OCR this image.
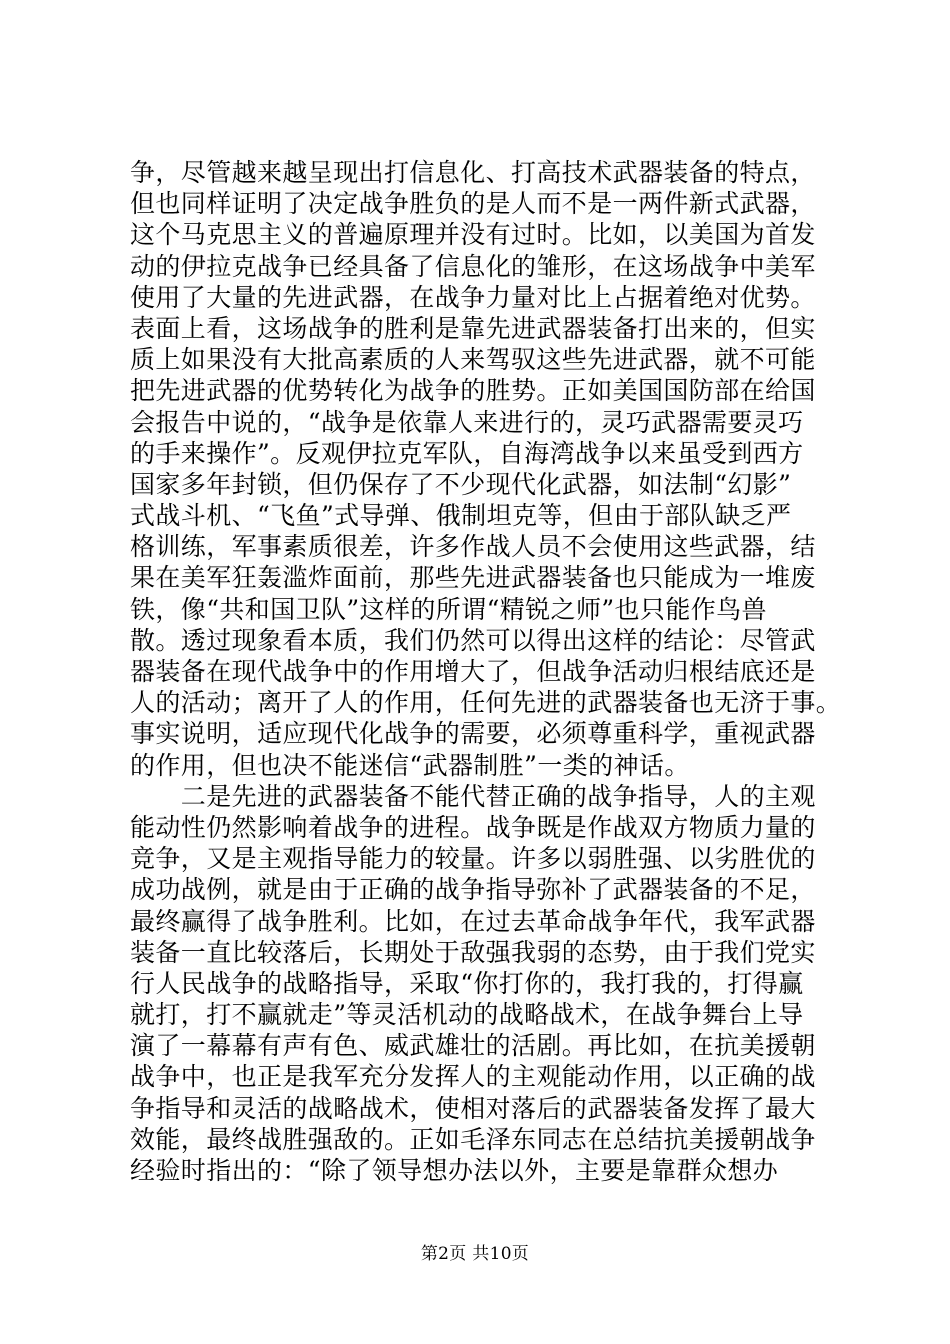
争，尽管越来越呈现出打信息化、打高技术武器装备的特点，
但也同样证明了决定战争胜负的是人而不是一两件新式武器，
这个马克思主义的普遍原理并没有过时。比如，以美国为首发
动的伊拉克战争已经具备了信息化的雏形，在这场战争中美军
使用了大量的先进武器，在战争力量对比上占据着绝对优势。
表面上看，这场战争的胜利是靠先进武器装备打出来的，但实
质上如果没有大批高素质的人来驾驭这些先进武器，就不可能
把先进武器的优势转化为战争的胜势。正如美国国防部在给国
会报告中说的，“战争是依靠人来进行的，灵巧武器需要灵巧
的手来操作”。反观伊拉克军队，自海湾战争以来虽受到西方
国家多年封锁，但仍保存了不少现代化武器，如法制“幻影”
式战斗机、“飞鱼”式导弹、俄制坦克等，但由于部队缺乏严
格训练，军事素质很差，许多作战人员不会使用这些武器，结
果在美军狂轰滥炸面前，那些先进武器装备也只能成为一堆废
铁，像“共和国卫队”这样的所谓“精锐之师”也只能作鸟兽
散。透过现象看本质，我们仍然可以得出这样的结论：尽管武
器装备在现代战争中的作用增大了，但战争活动归根结底还是
人的活动；离开了人的作用，任何先进的武器装备也无济于事。
事实说明，适应现代化战争的需要，必须尊重科学，重视武器
的作用，但也决不能迷信“武器制胜”一类的神话。
　　二是先进的武器装备不能代替正确的战争指导，人的主观
能动性仍然影响着战争的进程。战争既是作战双方物质力量的
竞争，又是主观指导能力的较量。许多以弱胜强、以劣胜优的
成功战例，就是由于正确的战争指导弥补了武器装备的不足，
最终赢得了战争胜利。比如，在过去革命战争年代，我军武器
装备一直比较落后，长期处于敌强我弱的态势，由于我们党实
行人民战争的战略指导，采取“你打你的，我打我的，打得赢
就打，打不赢就走”等灵活机动的战略战术，在战争舞台上导
演了一幕幕有声有色、威武雄壮的活剧。再比如，在抗美援朝
战争中，也正是我军充分发挥人的主观能动作用，以正确的战
争指导和灵活的战略战术，使相对落后的武器装备发挥了最大
效能，最终战胜强敌的。正如毛泽东同志在总结抗美援朝战争
经验时指出的：“除了领导想办法以外，主要是靠群众想办
第2页 共10页
